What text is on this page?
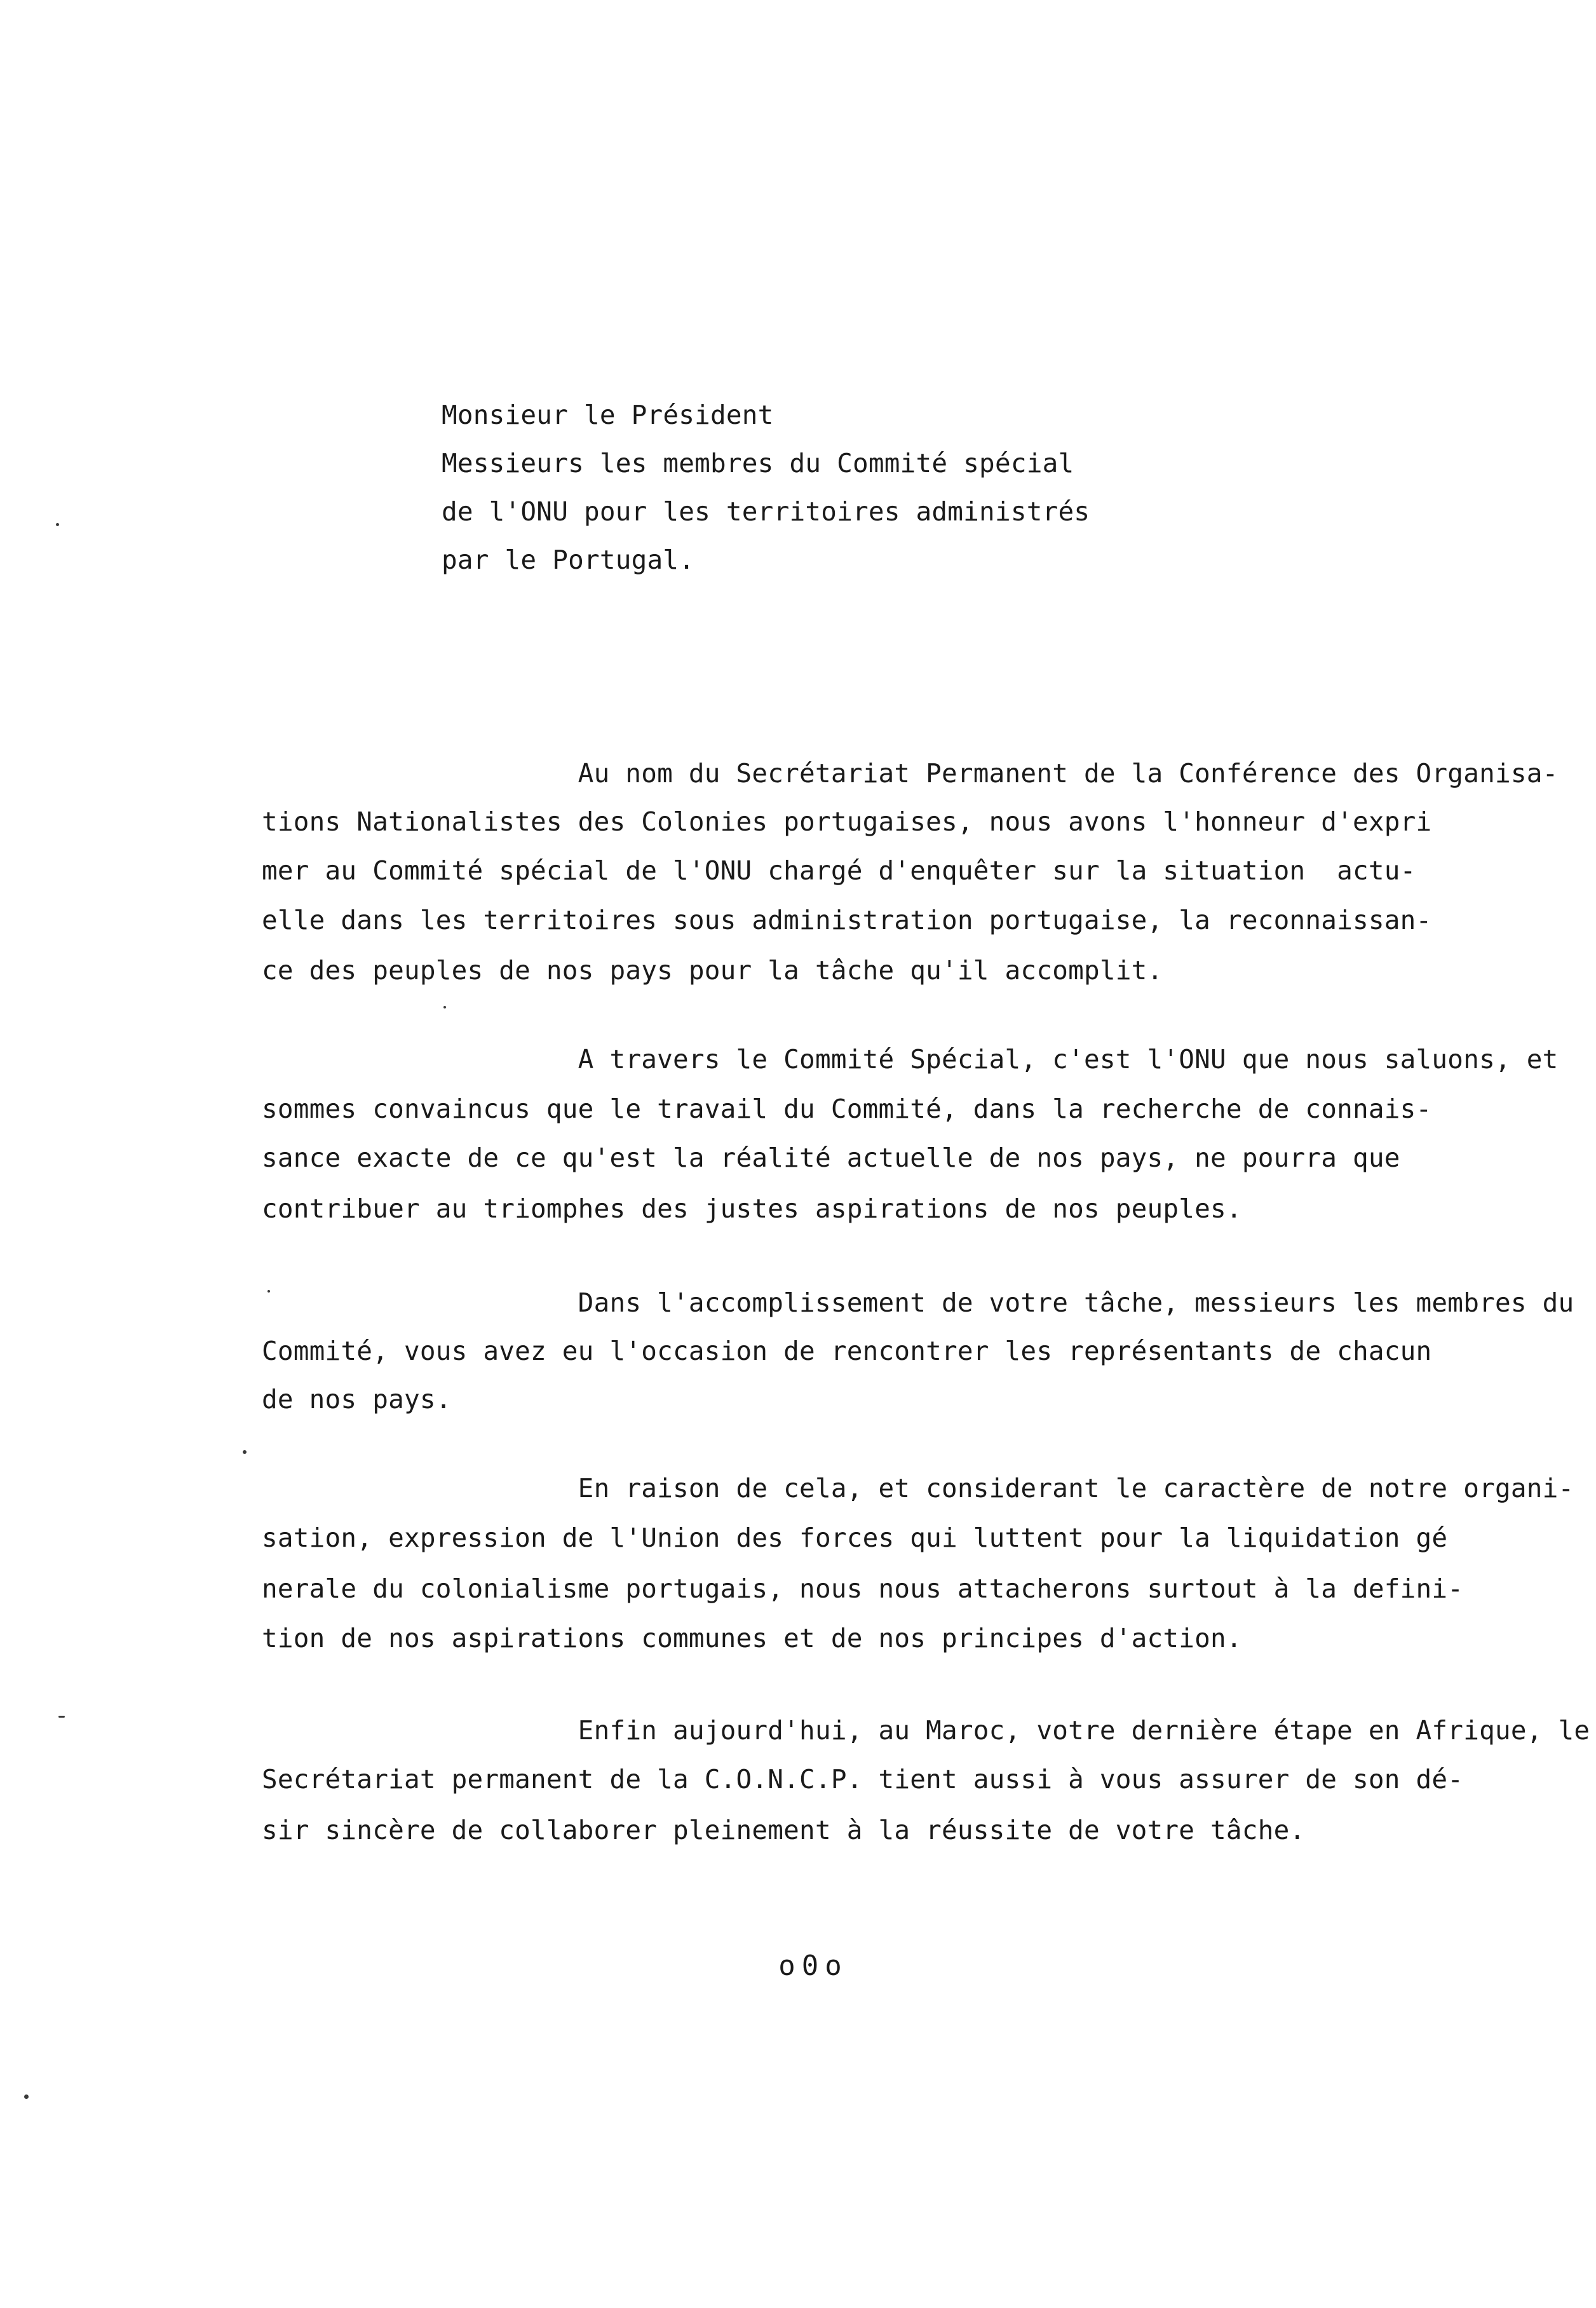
Monsieur le Président
Messieurs les membres du Commité spécial
de l'ONU pour les territoires administrés
par le Portugal.
Au nom du Secrétariat Permanent de la Conférence des Organisa-
tions Nationalistes des Colonies portugaises, nous avons l'honneur d'expri
mer au Commité spécial de l'ONU chargé d'enquêter sur la situation  actu-
elle dans les territoires sous administration portugaise, la reconnaissan-
ce des peuples de nos pays pour la tâche qu'il accomplit.
A travers le Commité Spécial, c'est l'ONU que nous saluons, et
sommes convaincus que le travail du Commité, dans la recherche de connais-
sance exacte de ce qu'est la réalité actuelle de nos pays, ne pourra que
contribuer au triomphes des justes aspirations de nos peuples.
Dans l'accomplissement de votre tâche, messieurs les membres du
Commité, vous avez eu l'occasion de rencontrer les représentants de chacun
de nos pays.
En raison de cela, et considerant le caractère de notre organi-
sation, expression de l'Union des forces qui luttent pour la liquidation gé
nerale du colonialisme portugais, nous nous attacherons surtout à la defini-
tion de nos aspirations communes et de nos principes d'action.
Enfin aujourd'hui, au Maroc, votre dernière étape en Afrique, le
Secrétariat permanent de la C.O.N.C.P. tient aussi à vous assurer de son dé-
sir sincère de collaborer pleinement à la réussite de votre tâche.
o0o
